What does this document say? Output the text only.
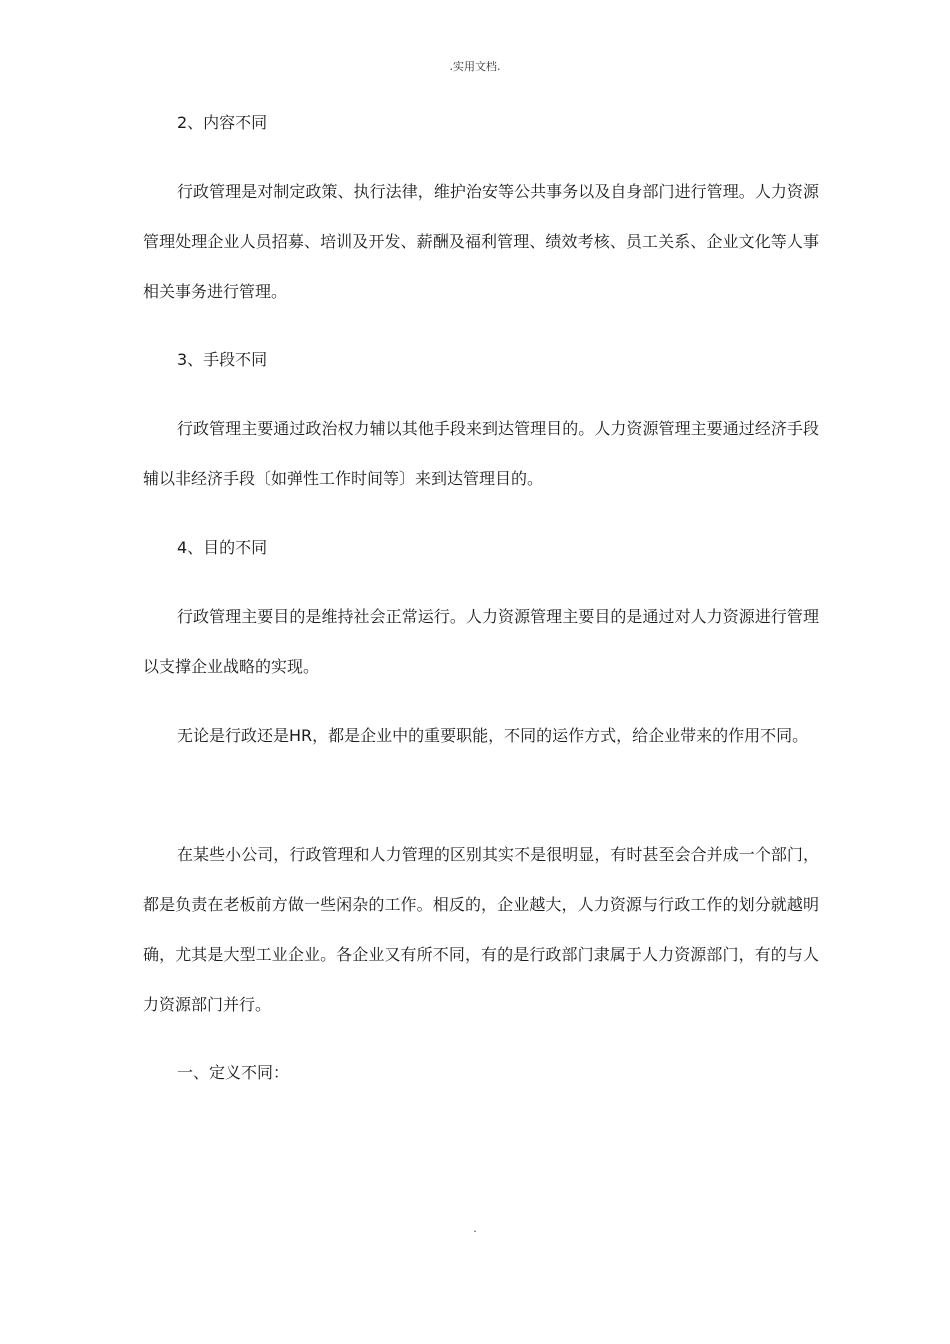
.实用文档.

2、内容不同

行政管理是对制定政策、执行法律，维护治安等公共事务以及自身部门进行管理。人力资源管理处理企业人员招募、培训及开发、薪酬及福利管理、绩效考核、员工关系、企业文化等人事相关事务进行管理。

3、手段不同

行政管理主要通过政治权力辅以其他手段来到达管理目的。人力资源管理主要通过经济手段辅以非经济手段〔如弹性工作时间等〕来到达管理目的。

4、目的不同

行政管理主要目的是维持社会正常运行。人力资源管理主要目的是通过对人力资源进行管理以支撑企业战略的实现。

无论是行政还是HR，都是企业中的重要职能，不同的运作方式，给企业带来的作用不同。

在某些小公司，行政管理和人力管理的区别其实不是很明显，有时甚至会合并成一个部门，都是负责在老板前方做一些闲杂的工作。相反的，企业越大，人力资源与行政工作的划分就越明确，尤其是大型工业企业。各企业又有所不同，有的是行政部门隶属于人力资源部门，有的与人力资源部门并行。

一、定义不同：

.
